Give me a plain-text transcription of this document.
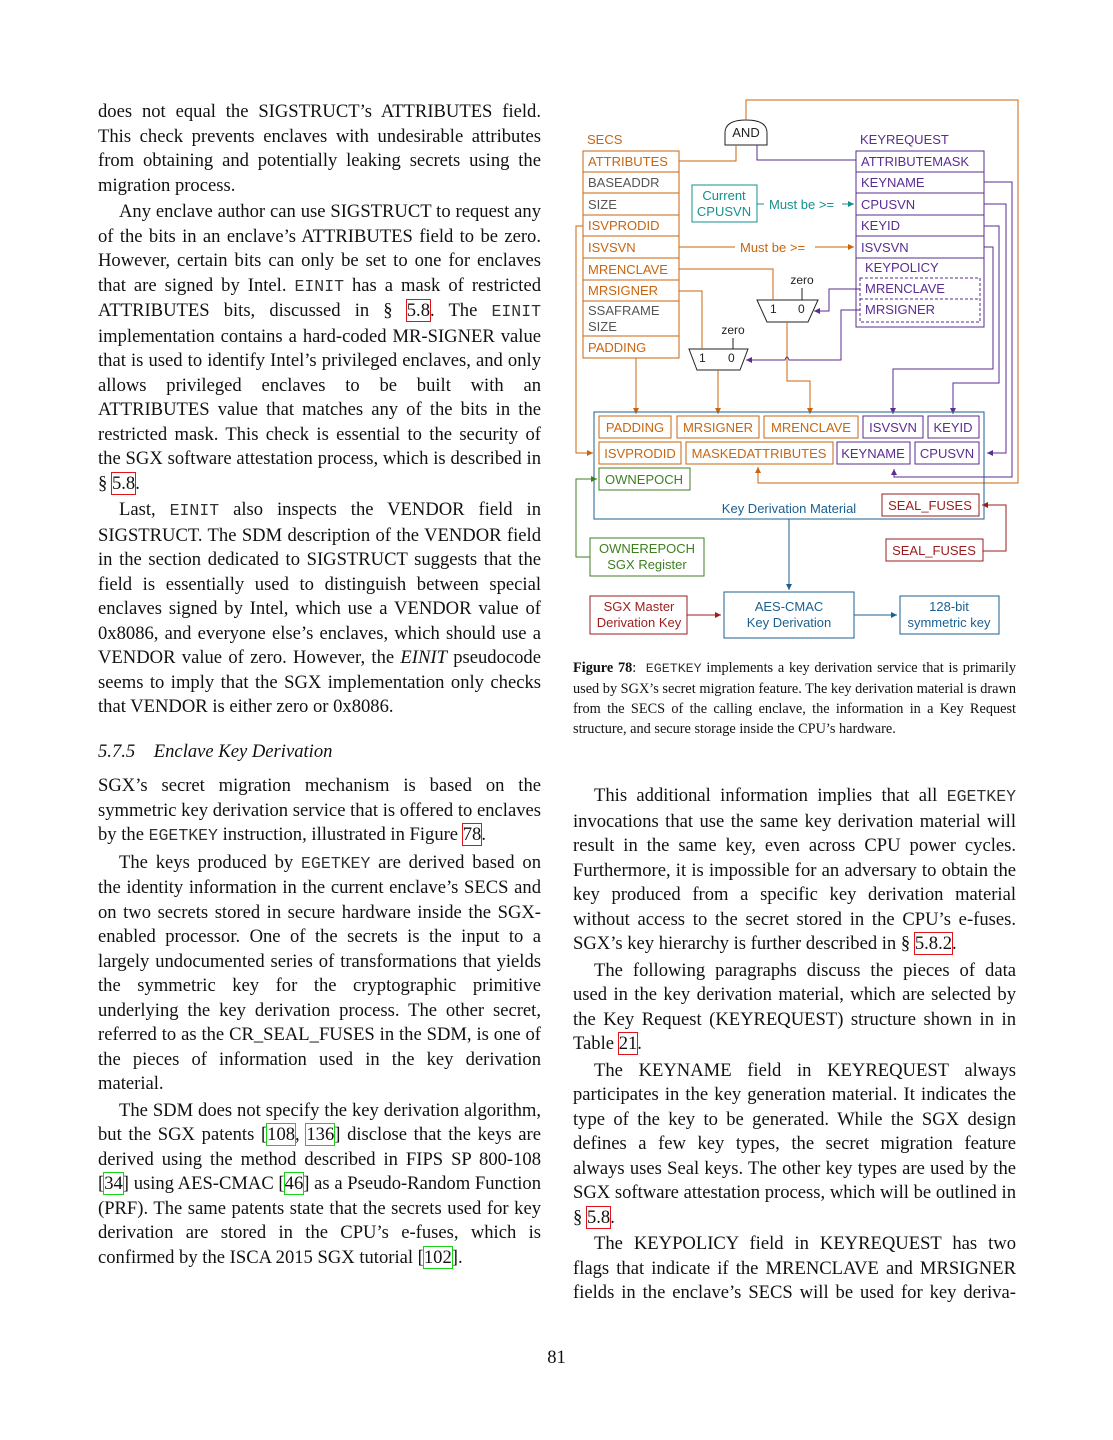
does not equal the SIGSTRUCT’s ATTRIBUTES field. This check prevents enclaves with undesirable attributes from obtaining and potentially leaking secrets using the migration process.

Any enclave author can use SIGSTRUCT to request any of the bits in an enclave’s ATTRIBUTES field to be zero. However, certain bits can only be set to one for enclaves that are signed by Intel. EINIT has a mask of restricted ATTRIBUTES bits, discussed in § 5.8. The EINIT implementation contains a hard-coded MR-SIGNER value that is used to identify Intel’s privileged enclaves, and only allows privileged enclaves to be built with an ATTRIBUTES value that matches any of the bits in the restricted mask. This check is essential to the security of the SGX software attestation process, which is described in § 5.8.

Last, EINIT also inspects the VENDOR field in SIGSTRUCT. The SDM description of the VENDOR field in the section dedicated to SIGSTRUCT suggests that the field is essentially used to distinguish between special enclaves signed by Intel, which use a VENDOR value of 0x8086, and everyone else’s enclaves, which should use a VENDOR value of zero. However, the EINIT pseudocode seems to imply that the SGX implementation only checks that VENDOR is either zero or 0x8086.

5.7.5    Enclave Key Derivation

SGX’s secret migration mechanism is based on the symmetric key derivation service that is offered to enclaves by the EGETKEY instruction, illustrated in Figure 78.

The keys produced by EGETKEY are derived based on the identity information in the current enclave’s SECS and on two secrets stored in secure hardware inside the SGX-enabled processor. One of the secrets is the input to a largely undocumented series of transformations that yields the symmetric key for the cryptographic primitive underlying the key derivation process. The other secret, referred to as the CR_SEAL_FUSES in the SDM, is one of the pieces of information used in the key derivation material.

The SDM does not specify the key derivation algorithm, but the SGX patents [108, 136] disclose that the keys are derived using the method described in FIPS SP 800-108 [34] using AES-CMAC [46] as a Pseudo-Random Function (PRF). The same patents state that the secrets used for key derivation are stored in the CPU’s e-fuses, which is confirmed by the ISCA 2015 SGX tutorial [102].

SECS
ATTRIBUTES
BASEADDR
SIZE
ISVPRODID
ISVSVN
MRENCLAVE
MRSIGNER
SSAFRAME
SIZE
PADDING
AND	KEYREQUEST
ATTRIBUTEMASK
KEYNAME
CPUSVN
KEYID
ISVSVN
KEYPOLICY
MRENCLAVE
MRSIGNER
Current
CPUSVN Must be >=
Must be >=
zero
1 0
zero
1 0
PADDING MRSIGNER MRENCLAVE ISVSVN KEYID
ISVPRODID MASKEDATTRIBUTES KEYNAME CPUSVN
OWNEPOCH
Key Derivation Material SEAL_FUSES
SEAL_FUSES
OWNEREPOCH
SGX Register
SGX Master
Derivation Key
AES-CMAC
Key Derivation
128-bit
symmetric key
Figure 78:  EGETKEY implements a key derivation service that is primarily used by SGX’s secret migration feature. The key derivation material is drawn from the SECS of the calling enclave, the information in a Key Request structure, and secure storage inside the CPU’s hardware.

This additional information implies that all EGETKEY invocations that use the same key derivation material will result in the same key, even across CPU power cycles. Furthermore, it is impossible for an adversary to obtain the key produced from a specific key derivation material without access to the secret stored in the CPU’s e-fuses. SGX’s key hierarchy is further described in § 5.8.2.

The following paragraphs discuss the pieces of data used in the key derivation material, which are selected by the Key Request (KEYREQUEST) structure shown in in Table 21.

The KEYNAME field in KEYREQUEST always participates in the key generation material. It indicates the type of the key to be generated. While the SGX design defines a few key types, the secret migration feature always uses Seal keys. The other key types are used by the SGX software attestation process, which will be outlined in § 5.8.

The KEYPOLICY field in KEYREQUEST has two flags that indicate if the MRENCLAVE and MRSIGNER fields in the enclave’s SECS will be used for key deriva-

81
